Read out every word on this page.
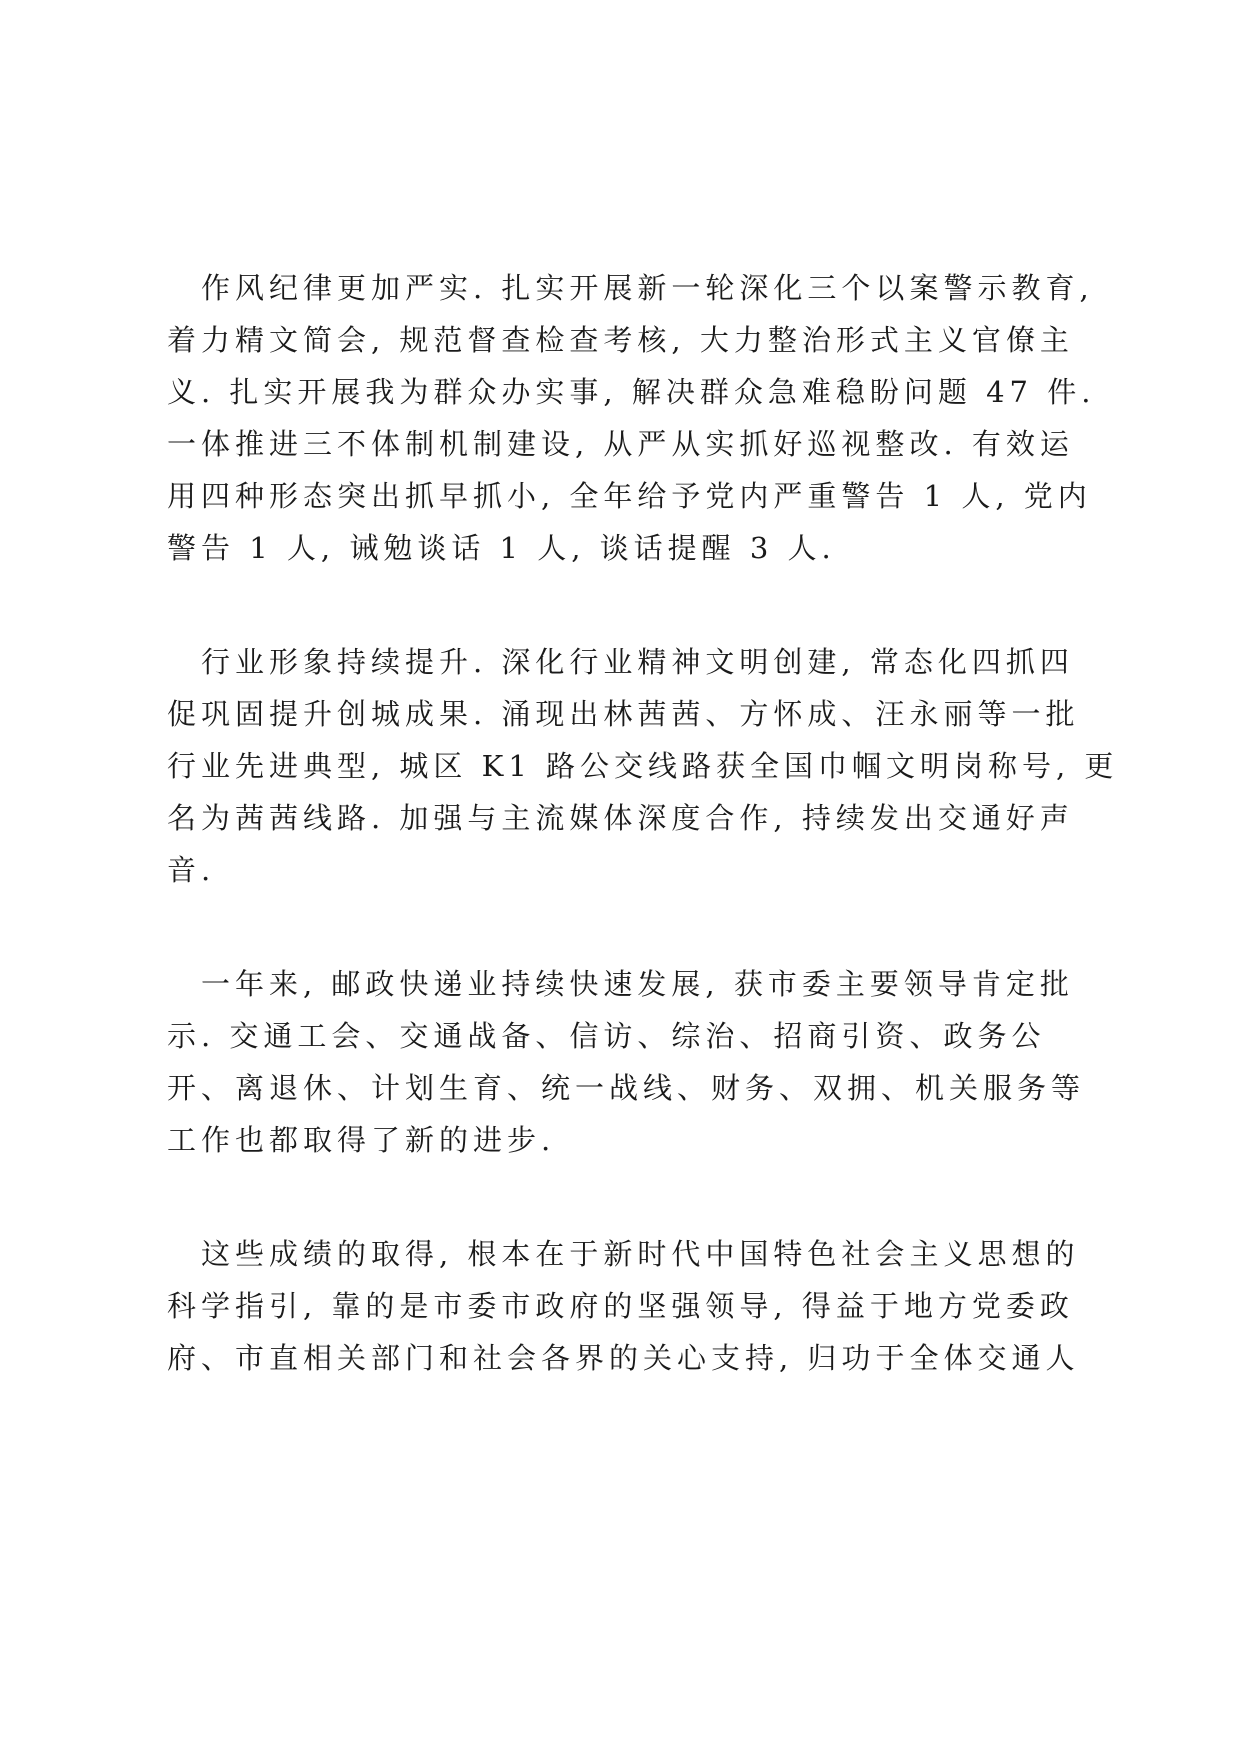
　作风纪律更加严实. 扎实开展新一轮深化三个以案警示教育,
着力精文简会, 规范督查检查考核, 大力整治形式主义官僚主
义. 扎实开展我为群众办实事, 解决群众急难稳盼问题 47 件.
一体推进三不体制机制建设, 从严从实抓好巡视整改. 有效运
用四种形态突出抓早抓小, 全年给予党内严重警告 1 人, 党内
警告 1 人, 诫勉谈话 1 人, 谈话提醒 3 人.

　行业形象持续提升. 深化行业精神文明创建, 常态化四抓四
促巩固提升创城成果. 涌现出林茜茜、方怀成、汪永丽等一批
行业先进典型, 城区 K1 路公交线路获全国巾帼文明岗称号, 更
名为茜茜线路. 加强与主流媒体深度合作, 持续发出交通好声
音.

　一年来, 邮政快递业持续快速发展, 获市委主要领导肯定批
示. 交通工会、交通战备、信访、综治、招商引资、政务公
开、离退休、计划生育、统一战线、财务、双拥、机关服务等
工作也都取得了新的进步.

　这些成绩的取得, 根本在于新时代中国特色社会主义思想的
科学指引, 靠的是市委市政府的坚强领导, 得益于地方党委政
府、市直相关部门和社会各界的关心支持, 归功于全体交通人
